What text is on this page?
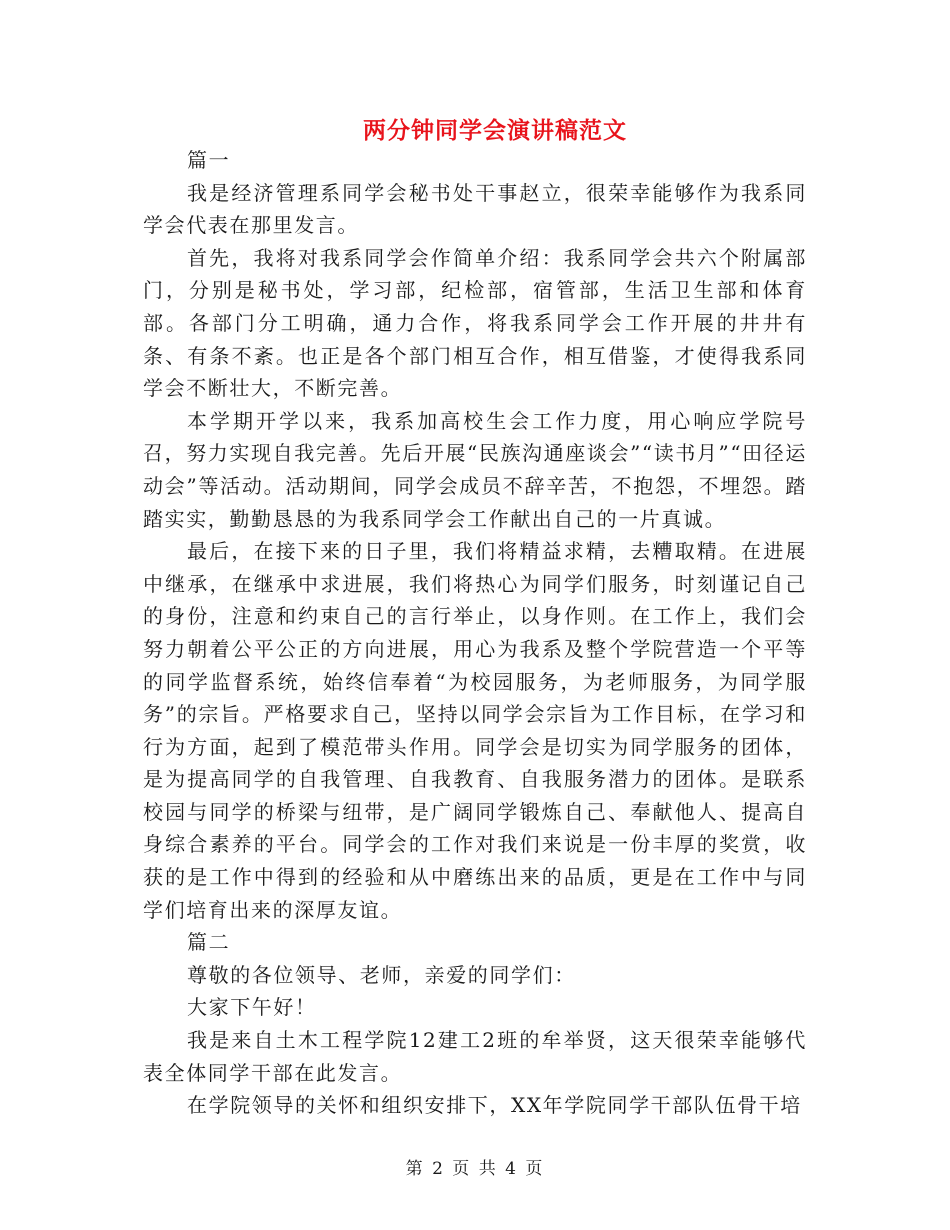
两分钟同学会演讲稿范文

篇一

我是经济管理系同学会秘书处干事赵立，很荣幸能够作为我系同学会代表在那里发言。

首先，我将对我系同学会作简单介绍：我系同学会共六个附属部门，分别是秘书处，学习部，纪检部，宿管部，生活卫生部和体育部。各部门分工明确，通力合作，将我系同学会工作开展的井井有条、有条不紊。也正是各个部门相互合作，相互借鉴，才使得我系同学会不断壮大，不断完善。

本学期开学以来，我系加高校生会工作力度，用心响应学院号召，努力实现自我完善。先后开展“民族沟通座谈会”“读书月”“田径运动会”等活动。活动期间，同学会成员不辞辛苦，不抱怨，不埋怨。踏踏实实，勤勤恳恳的为我系同学会工作献出自己的一片真诚。

最后，在接下来的日子里，我们将精益求精，去糟取精。在进展中继承，在继承中求进展，我们将热心为同学们服务，时刻谨记自己的身份，注意和约束自己的言行举止，以身作则。在工作上，我们会努力朝着公平公正的方向进展，用心为我系及整个学院营造一个平等的同学监督系统，始终信奉着“为校园服务，为老师服务，为同学服务”的宗旨。严格要求自己，坚持以同学会宗旨为工作目标，在学习和行为方面，起到了模范带头作用。同学会是切实为同学服务的团体，是为提高同学的自我管理、自我教育、自我服务潜力的团体。是联系校园与同学的桥梁与纽带，是广阔同学锻炼自己、奉献他人、提高自身综合素养的平台。同学会的工作对我们来说是一份丰厚的奖赏，收获的是工作中得到的经验和从中磨练出来的品质，更是在工作中与同学们培育出来的深厚友谊。

篇二

尊敬的各位领导、老师，亲爱的同学们：

大家下午好！

我是来自土木工程学院12建工2班的牟举贤，这天很荣幸能够代表全体同学干部在此发言。

在学院领导的关怀和组织安排下，XX年学院同学干部队伍骨干培

第 2 页 共 4 页
